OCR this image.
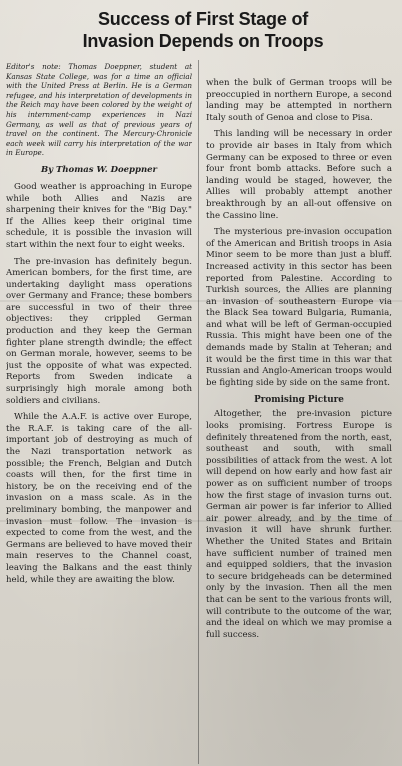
Success of First Stage of
Invasion Depends on Troops

Editor's note: Thomas Doeppner, student at Kansas State College, was for a time an official with the United Press at Berlin. He is a German refugee, and his interpretation of developments in the Reich may have been colored by the weight of his internment-camp experiences in Nazi Germany, as well as that of previous years of travel on the continent. The Mercury-Chronicle each week will carry his interpretation of the war in Europe.

By Thomas W. Doeppner

Good weather is approaching in Europe while both Allies and Nazis are sharpening their knives for the "Big Day." If the Allies keep their original time schedule, it is possible the invasion will start within the next four to eight weeks.

The pre-invasion has definitely begun. American bombers, for the first time, are undertaking daylight mass operations over Germany and France; these bombers are successful in two of their three objectives: they crippled German production and they keep the German fighter plane strength dwindle; the effect on German morale, however, seems to be just the opposite of what was expected. Reports from Sweden indicate a surprisingly high morale among both soldiers and civilians.

While the A.A.F. is active over Europe, the R.A.F. is taking care of the all-important job of destroying as much of the Nazi transportation network as possible; the French, Belgian and Dutch coasts will then, for the first time in history, be on the receiving end of the invasion on a mass scale. As in the preliminary bombing, the manpower and invasion must follow. The invasion is expected to come from the west, and the Germans are believed to have moved their main reserves to the Channel coast, leaving the Balkans and the east thinly held, while they are awaiting the blow.

when the bulk of German troops will be preoccupied in northern Europe, a second landing may be attempted in northern Italy south of Genoa and close to Pisa.

This landing will be necessary in order to provide air bases in Italy from which Germany can be exposed to three or even four front bomb attacks. Before such a landing would be staged, however, the Allies will probably attempt another breakthrough by an all-out offensive on the Cassino line.

The mysterious pre-invasion occupation of the American and British troops in Asia Minor seem to be more than just a bluff. Increased activity in this sector has been reported from Palestine. According to Turkish sources, the Allies are planning an invasion of southeastern Europe via the Black Sea toward Bulgaria, Rumania, and what will be left of German-occupied Russia. This might have been one of the demands made by Stalin at Teheran; and it would be the first time in this war that Russian and Anglo-American troops would be fighting side by side on the same front.

Promising Picture

Altogether, the pre-invasion picture looks promising. Fortress Europe is definitely threatened from the north, east, southeast and south, with small possibilities of attack from the west. A lot will depend on how early and how fast air power as on sufficient number of troops how the first stage of invasion turns out. German air power is far inferior to Allied air power already, and by the time of invasion it will have shrunk further. Whether the United States and Britain have sufficient number of trained men and equipped soldiers, that the invasion to secure bridgeheads can be determined only by the invasion. Then all the men that can be sent to the various fronts will, will contribute to the outcome of the war, and the ideal on which we may promise a full success.
